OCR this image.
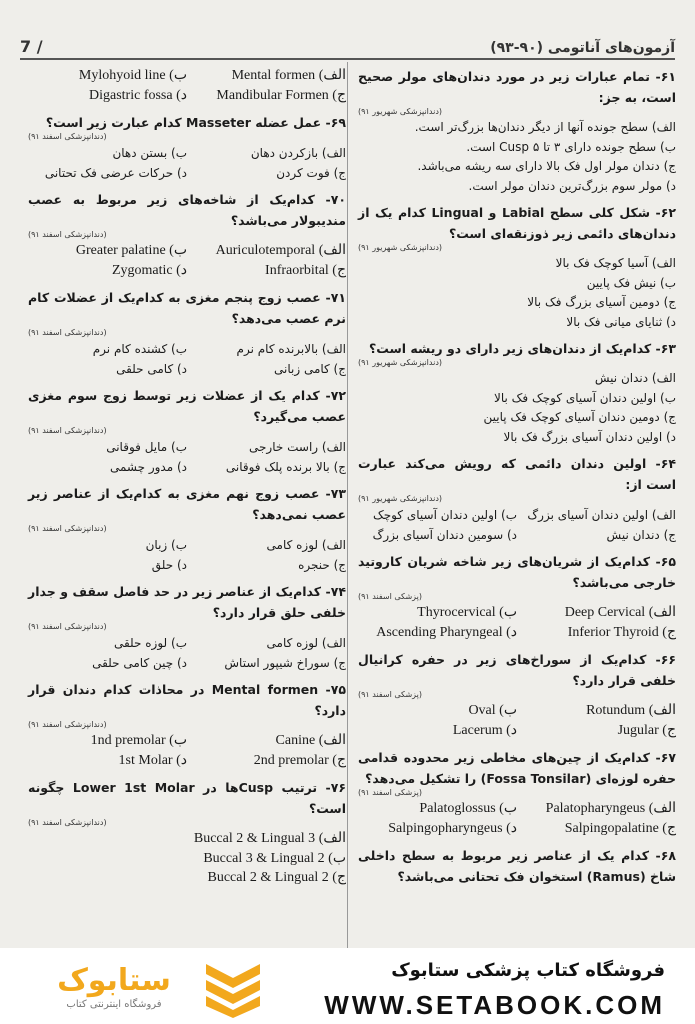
7 /	آزمون‌های آناتومی (۹۰-۹۳)
۶۱- تمام عبارات زیر در مورد دندان‌های مولر صحیح است، به جز:
(دندانپزشکی شهریور ۹۱)
الف) سطح جونده آنها از دیگر دندان‌ها بزرگ‌تر است.
ب) سطح جونده دارای ۳ تا ۵ Cusp است.
ج) دندان مولر اول فک بالا دارای سه ریشه می‌باشد.
د) مولر سوم بزرگ‌ترین دندان مولر است.
۶۲- شکل کلی سطح Labial و Lingual کدام یک از دندان‌های دائمی زیر ذوزنقه‌ای است؟
(دندانپزشکی شهریور ۹۱)
الف) آسیا کوچک فک بالا
ب) نیش فک پایین
ج) دومین آسیای بزرگ فک بالا
د) ثنایای میانی فک بالا
۶۳- کدام‌یک از دندان‌های زیر دارای دو ریشه است؟
(دندانپزشکی شهریور ۹۱)
الف) دندان نیش
ب) اولین دندان آسیای کوچک فک بالا
ج) دومین دندان آسیای کوچک فک پایین
د) اولین دندان آسیای بزرگ فک بالا
۶۴- اولین دندان دائمی که رویش می‌کند عبارت است از:
(دندانپزشکی شهریور ۹۱)
الف) اولین دندان آسیای بزرگ
ب) اولین دندان آسیای کوچک
ج) دندان نیش
د) سومین دندان آسیای بزرگ
۶۵- کدام‌یک از شریان‌های زیر شاخه شریان کاروتید خارجی می‌باشد؟
(پزشکی اسفند ۹۱)
الف) Deep Cervical
ب) Thyrocervical
ج) Inferior Thyroid
د) Ascending Pharyngeal
۶۶- کدام‌یک از سوراخ‌های زیر در حفره کرانیال خلفی قرار دارد؟
(پزشکی اسفند ۹۱)
الف) Rotundum
ب) Oval
ج) Jugular
د) Lacerum
۶۷- کدام‌یک از چین‌های مخاطی زیر محدوده قدامی حفره لوزه‌ای (Fossa Tonsilar) را تشکیل می‌دهد؟
(پزشکی اسفند ۹۱)
الف) Palatopharyngeus
ب) Palatoglossus
ج) Salpingopalatine
د) Salpingopharyngeus
۶۸- کدام یک از عناصر زیر مربوط به سطح داخلی شاخ (Ramus) استخوان فک تحتانی می‌باشد؟
الف) Mental formen
ب) Mylohyoid line
ج) Mandibular Formen
د) Digastric fossa
۶۹- عمل عضله Masseter کدام عبارت زیر است؟
(دندانپزشکی اسفند ۹۱)
الف) بازکردن دهان
ب) بستن دهان
ج) فوت کردن
د) حرکات عرضی فک تحتانی
۷۰- کدام‌یک از شاخه‌های زیر مربوط به عصب مندیبولار می‌باشد؟
(دندانپزشکی اسفند ۹۱)
الف) Auriculotemporal
ب) Greater palatine
ج) Infraorbital
د) Zygomatic
۷۱- عصب زوج پنجم مغزی به کدام‌یک از عضلات کام نرم عصب می‌دهد؟
(دندانپزشکی اسفند ۹۱)
الف) بالابرنده کام نرم
ب) کشنده کام نرم
ج) کامی زبانی
د) کامی حلقی
۷۲- کدام یک از عضلات زیر توسط زوج سوم مغزی عصب می‌گیرد؟
(دندانپزشکی اسفند ۹۱)
الف) راست خارجی
ب) مایل فوقانی
ج) بالا برنده پلک فوقانی
د) مدور چشمی
۷۳- عصب زوج نهم مغزی به کدام‌یک از عناصر زیر عصب نمی‌دهد؟
(دندانپزشکی اسفند ۹۱)
الف) لوزه کامی
ب) زبان
ج) حنجره
د) حلق
۷۴- کدام‌یک از عناصر زیر در حد فاصل سقف و جدار خلفی حلق قرار دارد؟
(دندانپزشکی اسفند ۹۱)
الف) لوزه کامی
ب) لوزه حلقی
ج) سوراخ شیپور استاش
د) چین کامی حلقی
۷۵- Mental formen در محاذات کدام دندان قرار دارد؟
(دندانپزشکی اسفند ۹۱)
الف) Canine
ب) 1nd premolar
ج) 2nd premolar
د) 1st Molar
۷۶- ترتیب Cuspها در Lower 1st Molar چگونه است؟
(دندانپزشکی اسفند ۹۱)
الف) Buccal 2 & Lingual 3
ب) Buccal 3 & Lingual 2
ج) Buccal 2 & Lingual 2
ستابوک
فروشگاه اینترنتی کتاب
فروشگاه کتاب پزشکی ستابوک
WWW.SETABOOK.COM
